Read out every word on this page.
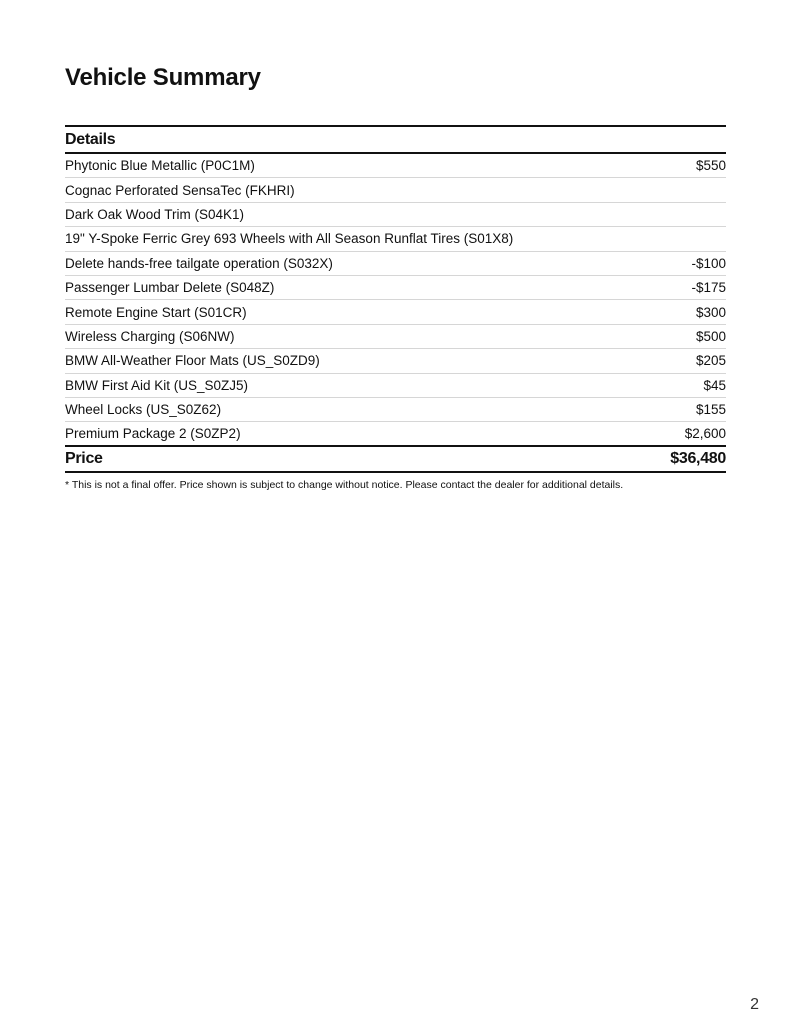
Vehicle Summary
Details
Phytonic Blue Metallic (P0C1M)	$550
Cognac Perforated SensaTec (FKHRI)
Dark Oak Wood Trim (S04K1)
19" Y-Spoke Ferric Grey 693 Wheels with All Season Runflat Tires (S01X8)
Delete hands-free tailgate operation (S032X)	-$100
Passenger Lumbar Delete (S048Z)	-$175
Remote Engine Start (S01CR)	$300
Wireless Charging (S06NW)	$500
BMW All-Weather Floor Mats (US_S0ZD9)	$205
BMW First Aid Kit (US_S0ZJ5)	$45
Wheel Locks (US_S0Z62)	$155
Premium Package 2 (S0ZP2)	$2,600
Price	$36,480
* This is not a final offer. Price shown is subject to change without notice. Please contact the dealer for additional details.
2
